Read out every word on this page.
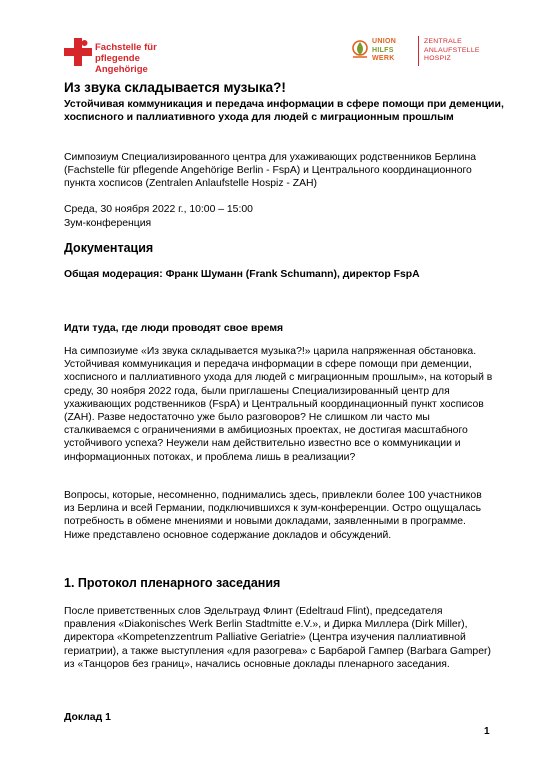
Fachstelle für
pflegende Angehörige
UNION
HILFS
WERK
ZENTRALE
ANLAUFSTELLE
HOSPIZ
Из звука складывается музыка?!
Устойчивая коммуникация и передача информации в сфере помощи при деменции, хосписного и паллиативного ухода для людей с миграционным прошлым
Симпозиум Специализированного центра для ухаживающих родственников Берлина (Fachstelle für pflegende Angehörige Berlin - FspA) и Центрального координационного пункта хосписов (Zentralen Anlaufstelle Hospiz - ZAH)
Среда, 30 ноября 2022 г., 10:00 – 15:00
Зум-конференция
Документация
Общая модерация: Франк Шуманн (Frank Schumann), директор FspA
Идти туда, где люди проводят свое время
На симпозиуме «Из звука складывается музыка?!» царила напряженная обстановка. Устойчивая коммуникация и передача информации в сфере помощи при деменции, хосписного и паллиативного ухода для людей с миграционным прошлым», на который в среду, 30 ноября 2022 года, были приглашены Специализированный центр для ухаживающих родственников (FspA) и Центральный координационный пункт хосписов (ZAH). Разве недостаточно уже было разговоров? Не слишком ли часто мы сталкиваемся с ограничениями в амбициозных проектах, не достигая масштабного устойчивого успеха? Неужели нам действительно известно все о коммуникации и информационных потоках, и проблема лишь в реализации?
Вопросы, которые, несомненно, поднимались здесь, привлекли более 100 участников из Берлина и всей Германии, подключившихся к зум-конференции. Остро ощущалась потребность в обмене мнениями и новыми докладами, заявленными в программе. Ниже представлено основное содержание докладов и обсуждений.
1. Протокол пленарного заседания
После приветственных слов Эдельтрауд Флинт (Edeltraud Flint), председателя правления «Diakonisches Werk Berlin Stadtmitte e.V.», и Дирка Миллера (Dirk Miller), директора «Kompetenzzentrum Palliative Geriatrie» (Центра изучения паллиативной гериатрии), а также выступления «для разогрева» с Барбарой Гампер (Barbara Gamper) из «Танцоров без границ», начались основные доклады пленарного заседания.
Доклад 1
1
